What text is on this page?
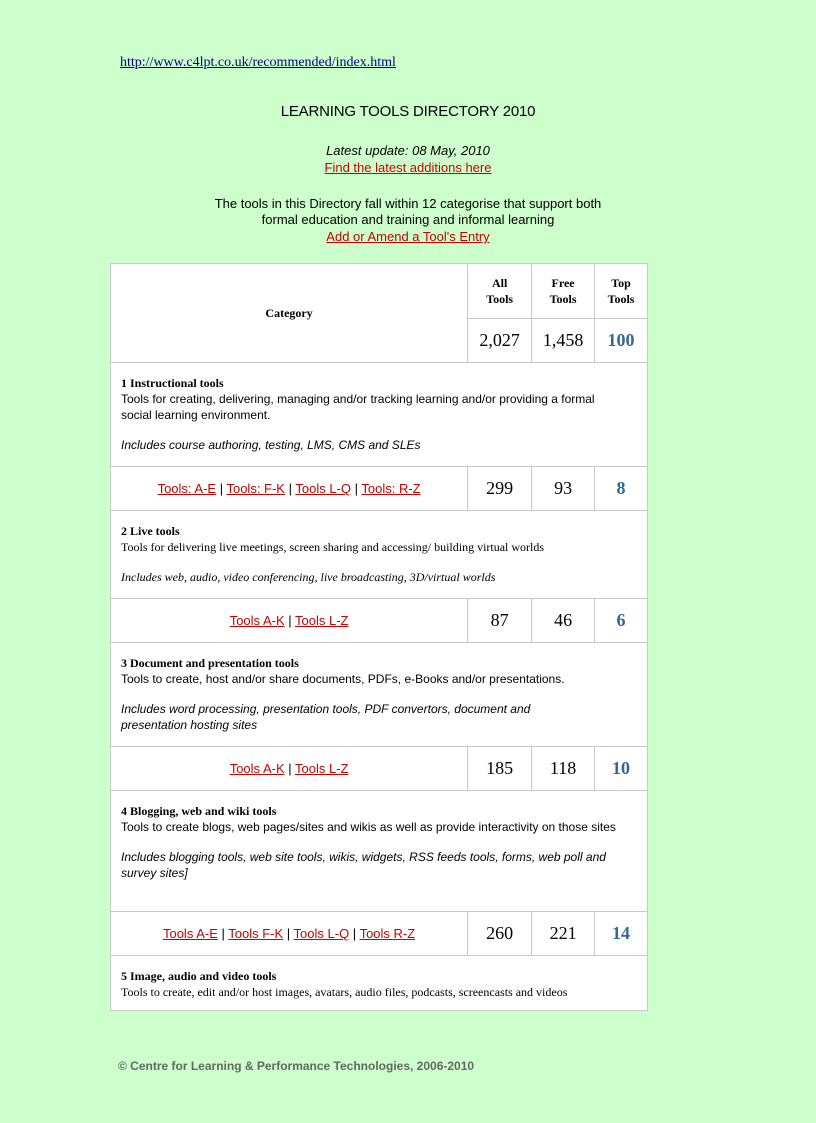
http://www.c4lpt.co.uk/recommended/index.html
LEARNING TOOLS DIRECTORY 2010
Latest update: 08 May, 2010
Find the latest additions here
The tools in this Directory fall within 12 categorise that support both
formal education and training and informal learning
Add or Amend a Tool's Entry
Category	All Tools	Free Tools	Top Tools
	2,027	1,458	100

1 Instructional tools
Tools for creating, delivering, managing and/or tracking learning and/or providing a formal social learning environment.
Includes course authoring, testing, LMS, CMS and SLEs			

Tools: A-E | Tools: F-K | Tools L-Q | Tools: R-Z	299	93	8

2 Live tools
Tools for delivering live meetings, screen sharing and accessing/ building virtual worlds
Includes web, audio, video conferencing, live broadcasting, 3D/virtual worlds			

Tools A-K | Tools L-Z	87	46	6

3 Document and presentation tools
Tools to create, host and/or share documents, PDFs, e-Books and/or presentations.
Includes word processing, presentation tools, PDF convertors, document and presentation hosting sites			

Tools A-K | Tools L-Z	185	118	10

4 Blogging, web and wiki tools
Tools to create blogs, web pages/sites and wikis as well as provide interactivity on those sites
Includes blogging tools, web site tools, wikis, widgets, RSS feeds tools, forms, web poll and survey sites]			

Tools A-E | Tools F-K | Tools L-Q | Tools R-Z	260	221	14

5 Image, audio and video tools
Tools to create, edit and/or host images, avatars, audio files, podcasts, screencasts and videos			
© Centre for Learning & Performance Technologies, 2006-2010
